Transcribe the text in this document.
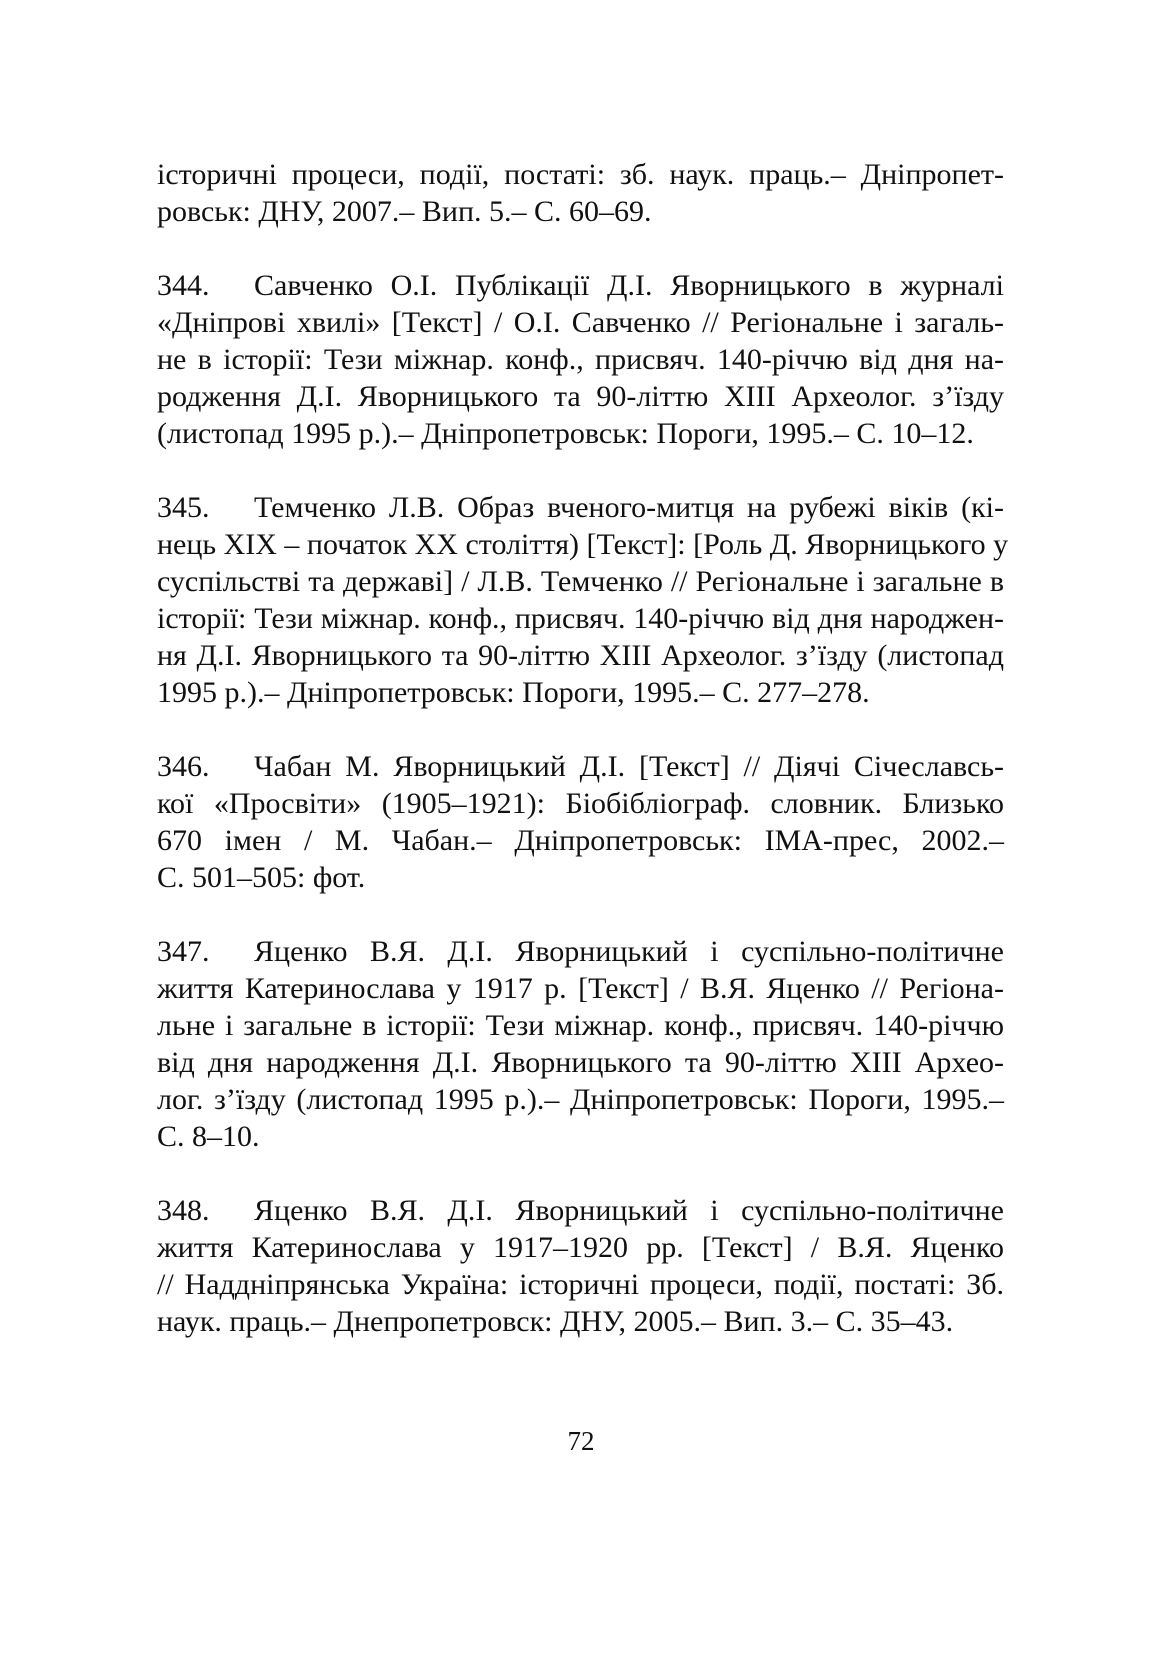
історичні процеси, події, постаті: зб. наук. праць.– Дніпропет-
ровськ: ДНУ, 2007.– Вип. 5.– С. 60–69.
344. Савченко О.І. Публікації Д.І. Яворницького в журналі
«Дніпрові хвилі» [Текст] / О.І. Савченко // Регіональне і загаль-
не в історії: Тези міжнар. конф., присвяч. 140-річчю від дня на-
родження Д.І. Яворницького та 90-літтю XIII Археолог. з’їзду
(листопад 1995 р.).– Дніпропетровськ: Пороги, 1995.– С. 10–12.
345. Темченко Л.В. Образ вченого-митця на рубежі віків (кі-
нець XIX – початок XX століття) [Текст]: [Роль Д. Яворницького у
суспільстві та державі] / Л.В. Темченко // Регіональне і загальне в
історії: Тези міжнар. конф., присвяч. 140-річчю від дня народжен-
ня Д.І. Яворницького та 90-літтю XIII Археолог. з’їзду (листопад
1995 р.).– Дніпропетровськ: Пороги, 1995.– С. 277–278.
346. Чабан М. Яворницький Д.І. [Текст] // Діячі Січеславсь-
кої «Просвіти» (1905–1921): Біобібліограф. словник. Близько
670 імен / М. Чабан.– Дніпропетровськ: ІМА-прес, 2002.–
С. 501–505: фот.
347. Яценко В.Я. Д.І. Яворницький і суспільно-політичне
життя Катеринослава у 1917 р. [Текст] / В.Я. Яценко // Регіона-
льне і загальне в історії: Тези міжнар. конф., присвяч. 140-річчю
від дня народження Д.І. Яворницького та 90-літтю XIII Архео-
лог. з’їзду (листопад 1995 р.).– Дніпропетровськ: Пороги, 1995.–
С. 8–10.
348. Яценко В.Я. Д.І. Яворницький і суспільно-політичне
життя Катеринослава у 1917–1920 рр. [Текст] / В.Я. Яценко
// Наддніпрянська Україна: історичні процеси, події, постаті: Зб.
наук. праць.– Днепропетровск: ДНУ, 2005.– Вип. 3.– С. 35–43.
72
